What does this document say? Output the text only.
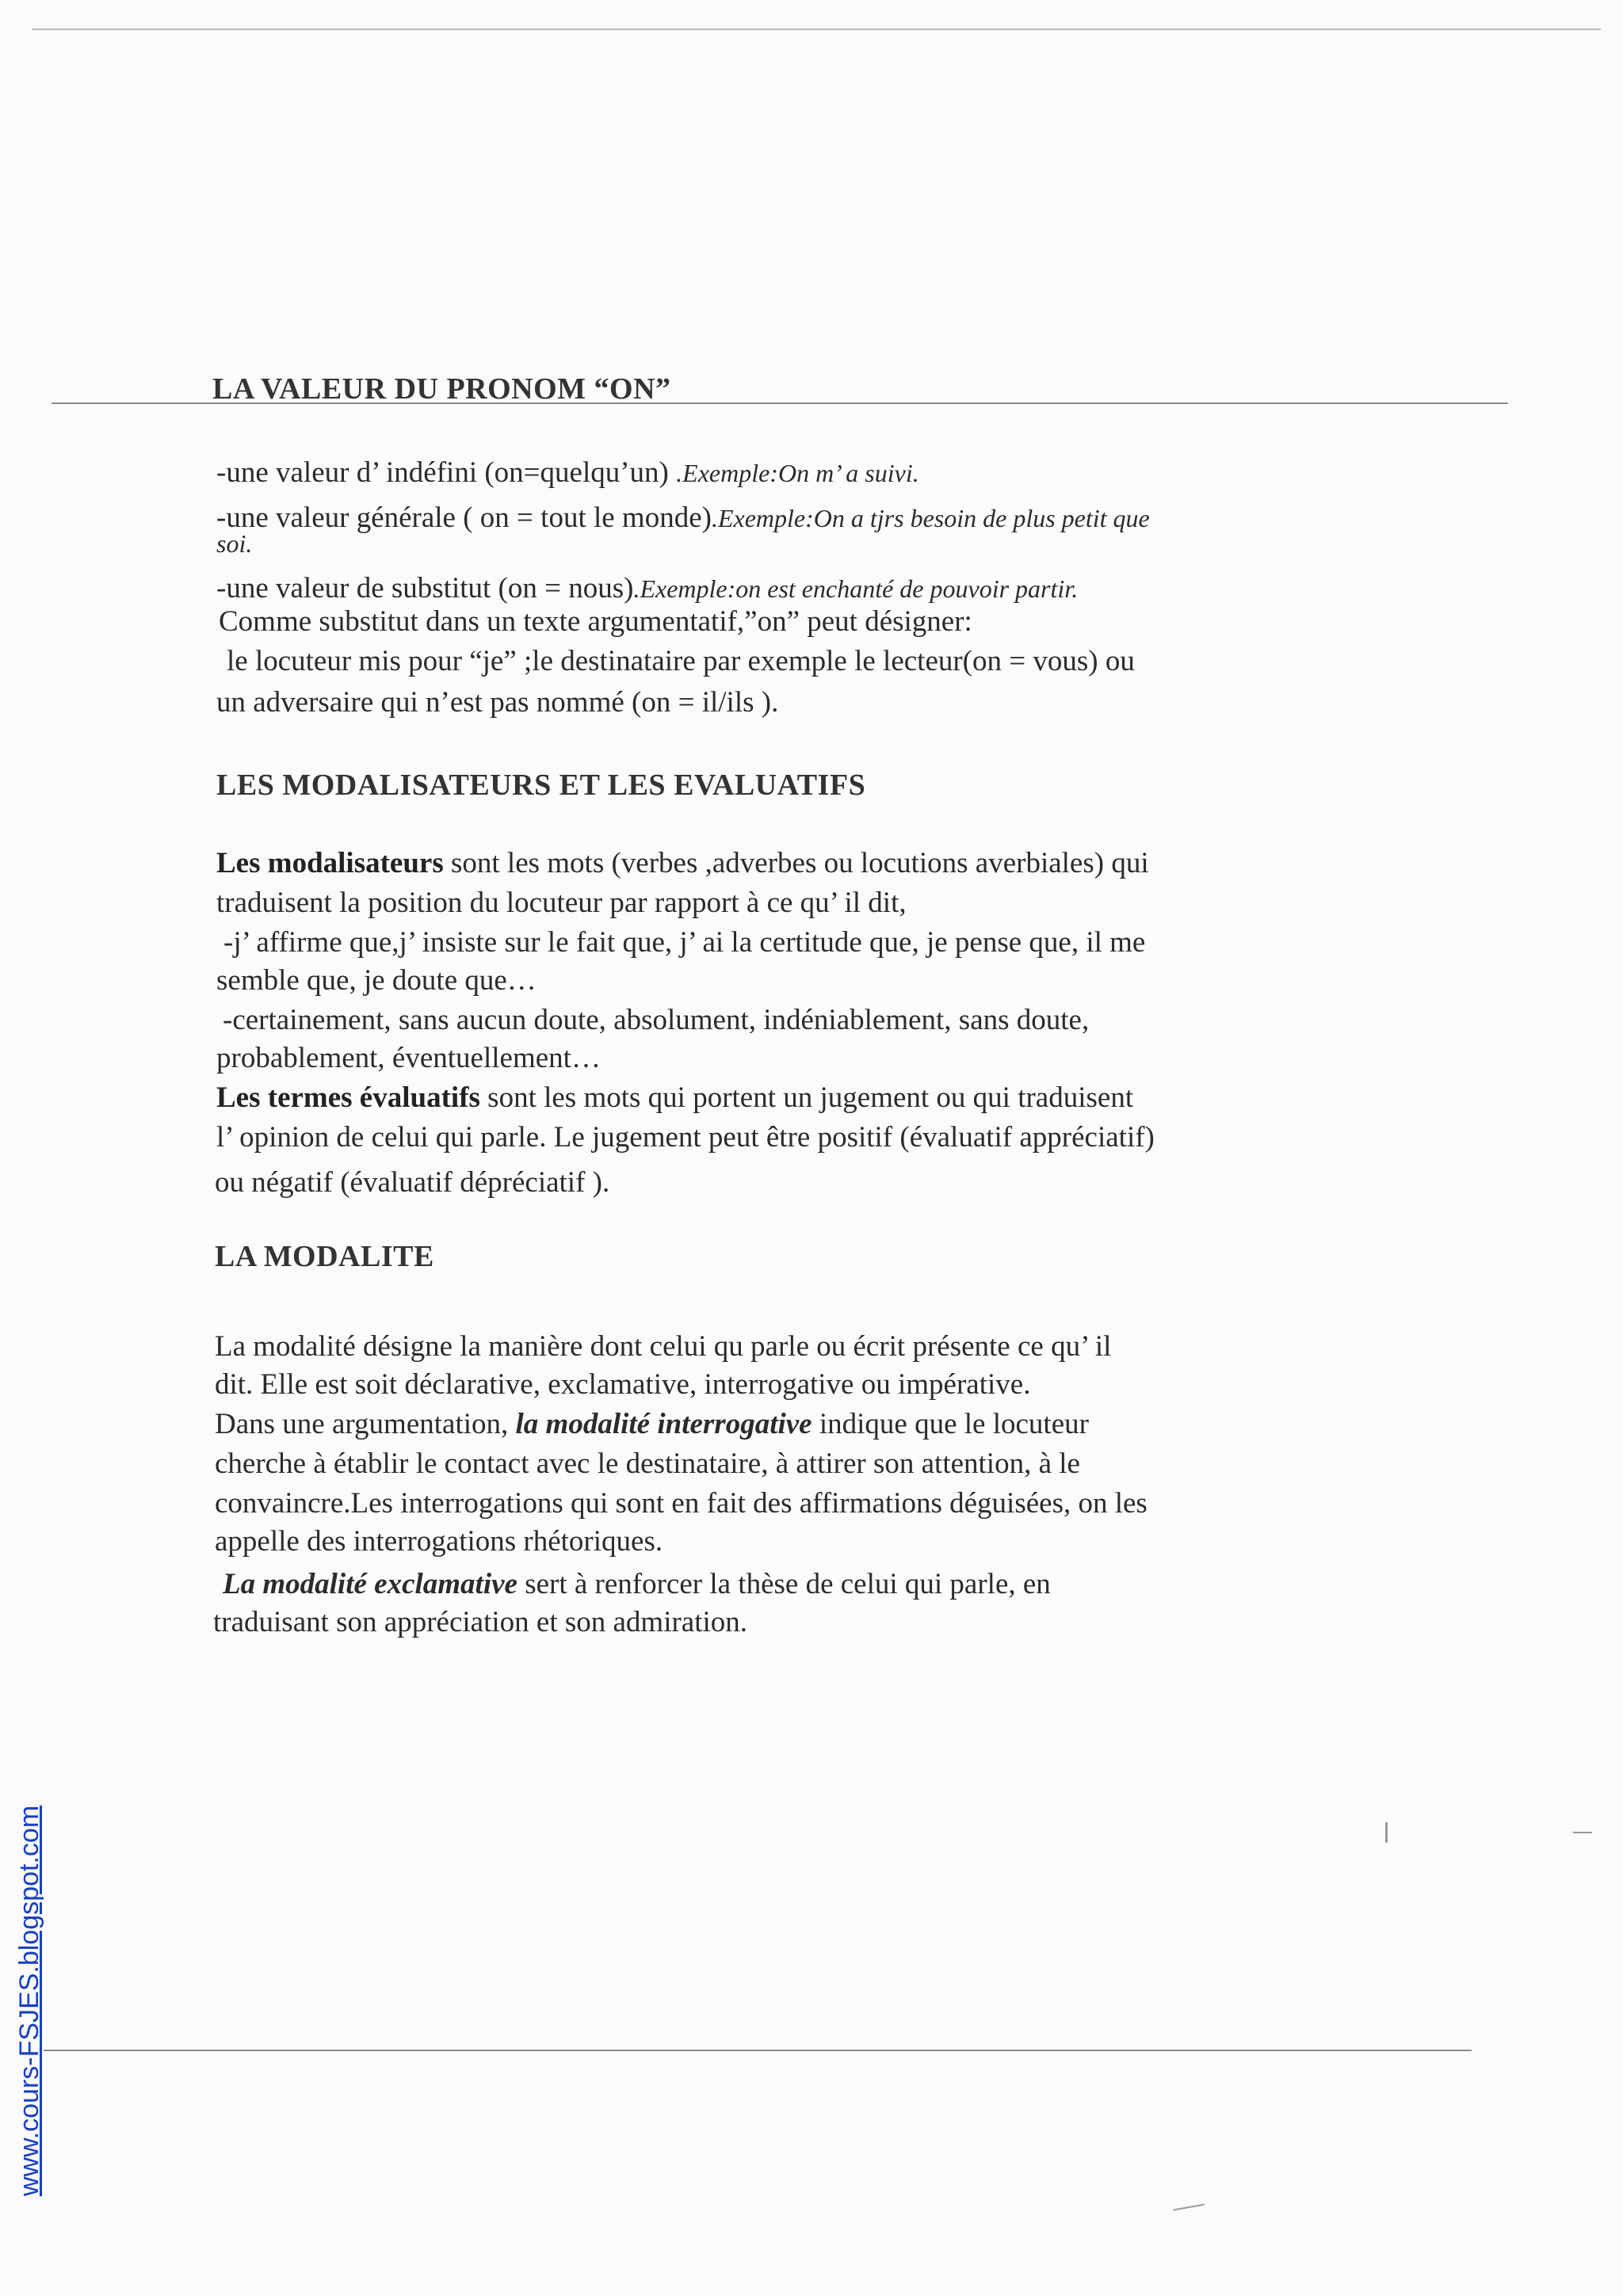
LA VALEUR DU PRONOM “ON”
-une valeur d’ indéfini (on=quelqu’un) .Exemple:On m’ a suivi.
-une valeur générale ( on = tout le monde).Exemple:On a tjrs besoin de plus petit que
soi.
-une valeur de substitut (on = nous).Exemple:on est enchanté de pouvoir partir.
Comme substitut dans un texte argumentatif,”on” peut désigner:
le locuteur mis pour “je” ;le destinataire par exemple le lecteur(on = vous) ou
un adversaire qui n’est pas nommé (on = il/ils ).
LES MODALISATEURS ET LES EVALUATIFS
Les modalisateurs sont les mots (verbes ,adverbes ou locutions averbiales) qui
traduisent la position du locuteur par rapport à ce qu’ il dit,
-j’ affirme que,j’ insiste sur le fait que, j’ ai la certitude que, je pense que, il me
semble que, je doute que…
-certainement, sans aucun doute, absolument, indéniablement, sans doute,
probablement, éventuellement…
Les termes évaluatifs sont les mots qui portent un jugement ou qui traduisent
l’ opinion de celui qui parle. Le jugement peut être positif (évaluatif appréciatif)
ou négatif (évaluatif dépréciatif ).
LA MODALITE
La modalité désigne la manière dont celui qu parle ou écrit présente ce qu’ il
dit. Elle est soit déclarative, exclamative, interrogative ou impérative.
Dans une argumentation, la modalité interrogative indique que le locuteur
cherche à établir le contact avec le destinataire, à attirer son attention, à le
convaincre.Les interrogations qui sont en fait des affirmations déguisées, on les
appelle des interrogations rhétoriques.
La modalité exclamative sert à renforcer la thèse de celui qui parle, en
traduisant son appréciation et son admiration.
www.cours-FSJES.blogspot.com
